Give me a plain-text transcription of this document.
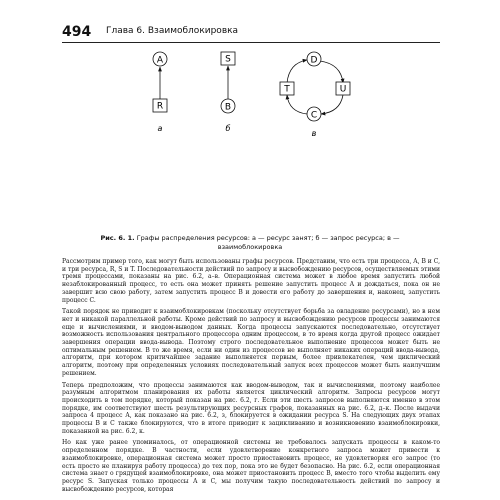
494 Глава 6. Взаимоблокировка
A
R
а
S
B
б
D
T	U
C
в
Рис. 6. 1. Графы распределения ресурсов: а — ресурс занят; б — запрос ресурса; в — взаимоблокировка

Рассмотрим пример того, как могут быть использованы графы ресурсов. Представим, что есть три процесса, A, B и C, и три ресурса, R, S и T. Последовательности действий по запросу и высвобождению ресурсов, осуществляемых этими тремя процессами, показаны на рис. 6.2, а–в. Операционная система может в любое время запустить любой незаблокированный процесс, то есть она может принять решение запустить процесс A и дождаться, пока он не завершит всю свою работу, затем запустить процесс B и довести его работу до завершения и, наконец, запустить процесс C.

Такой порядок не приводит к взаимоблокировкам (поскольку отсутствует борьба за овладение ресурсами), но в нем нет и никакой параллельной работы. Кроме действий по запросу и высвобождению ресурсов процессы занимаются еще и вычислениями, и вводом-выводом данных. Когда процессы запускаются последовательно, отсутствует возможность использования центрального процессора одним процессом, в то время когда другой процесс ожидает завершения операции ввода-вывода. Поэтому строго последовательное выполнение процессов может быть не оптимальным решением. В то же время, если ни один из процессов не выполняет никаких операций ввода-вывода, алгоритм, при котором критичайшее задание выполняется первым, более привлекателен, чем циклический алгоритм, поэтому при определенных условиях последовательный запуск всех процессов может быть наилучшим решением.

Теперь предположим, что процессы занимаются как вводом-выводом, так и вычислениями, поэтому наиболее разумным алгоритмом планирования их работы является циклический алгоритм. Запросы ресурсов могут происходить в том порядке, который показан на рис. 6.2, г. Если эти шесть запросов выполняются именно в этом порядке, им соответствуют шесть результирующих ресурсных графов, показанных на рис. 6.2, д–к. После выдачи запроса 4 процесс A, как показано на рис. 6.2, з, блокируется в ожидании ресурса S. На следующих двух этапах процессы B и C также блокируются, что в итоге приводит к зацикливанию и возникновению взаимоблокировки, показанной на рис. 6.2, к.

Но как уже ранее упоминалось, от операционной системы не требовалось запускать процессы в каком-то определенном порядке. В частности, если удовлетворение конкретного запроса может привести к взаимоблокировке, операционная система может просто приостановить процесс, не удовлетворяя его запрос (то есть просто не планируя работу процесса) до тех пор, пока это не будет безопасно. На рис. 6.2, если операционная система знает о грядущей взаимоблокировке, она может приостановить процесс B, вместо того чтобы выделить ему ресурс S. Запуская только процессы A и C, мы получим такую последовательность действий по запросу и высвобождению ресурсов, которая
